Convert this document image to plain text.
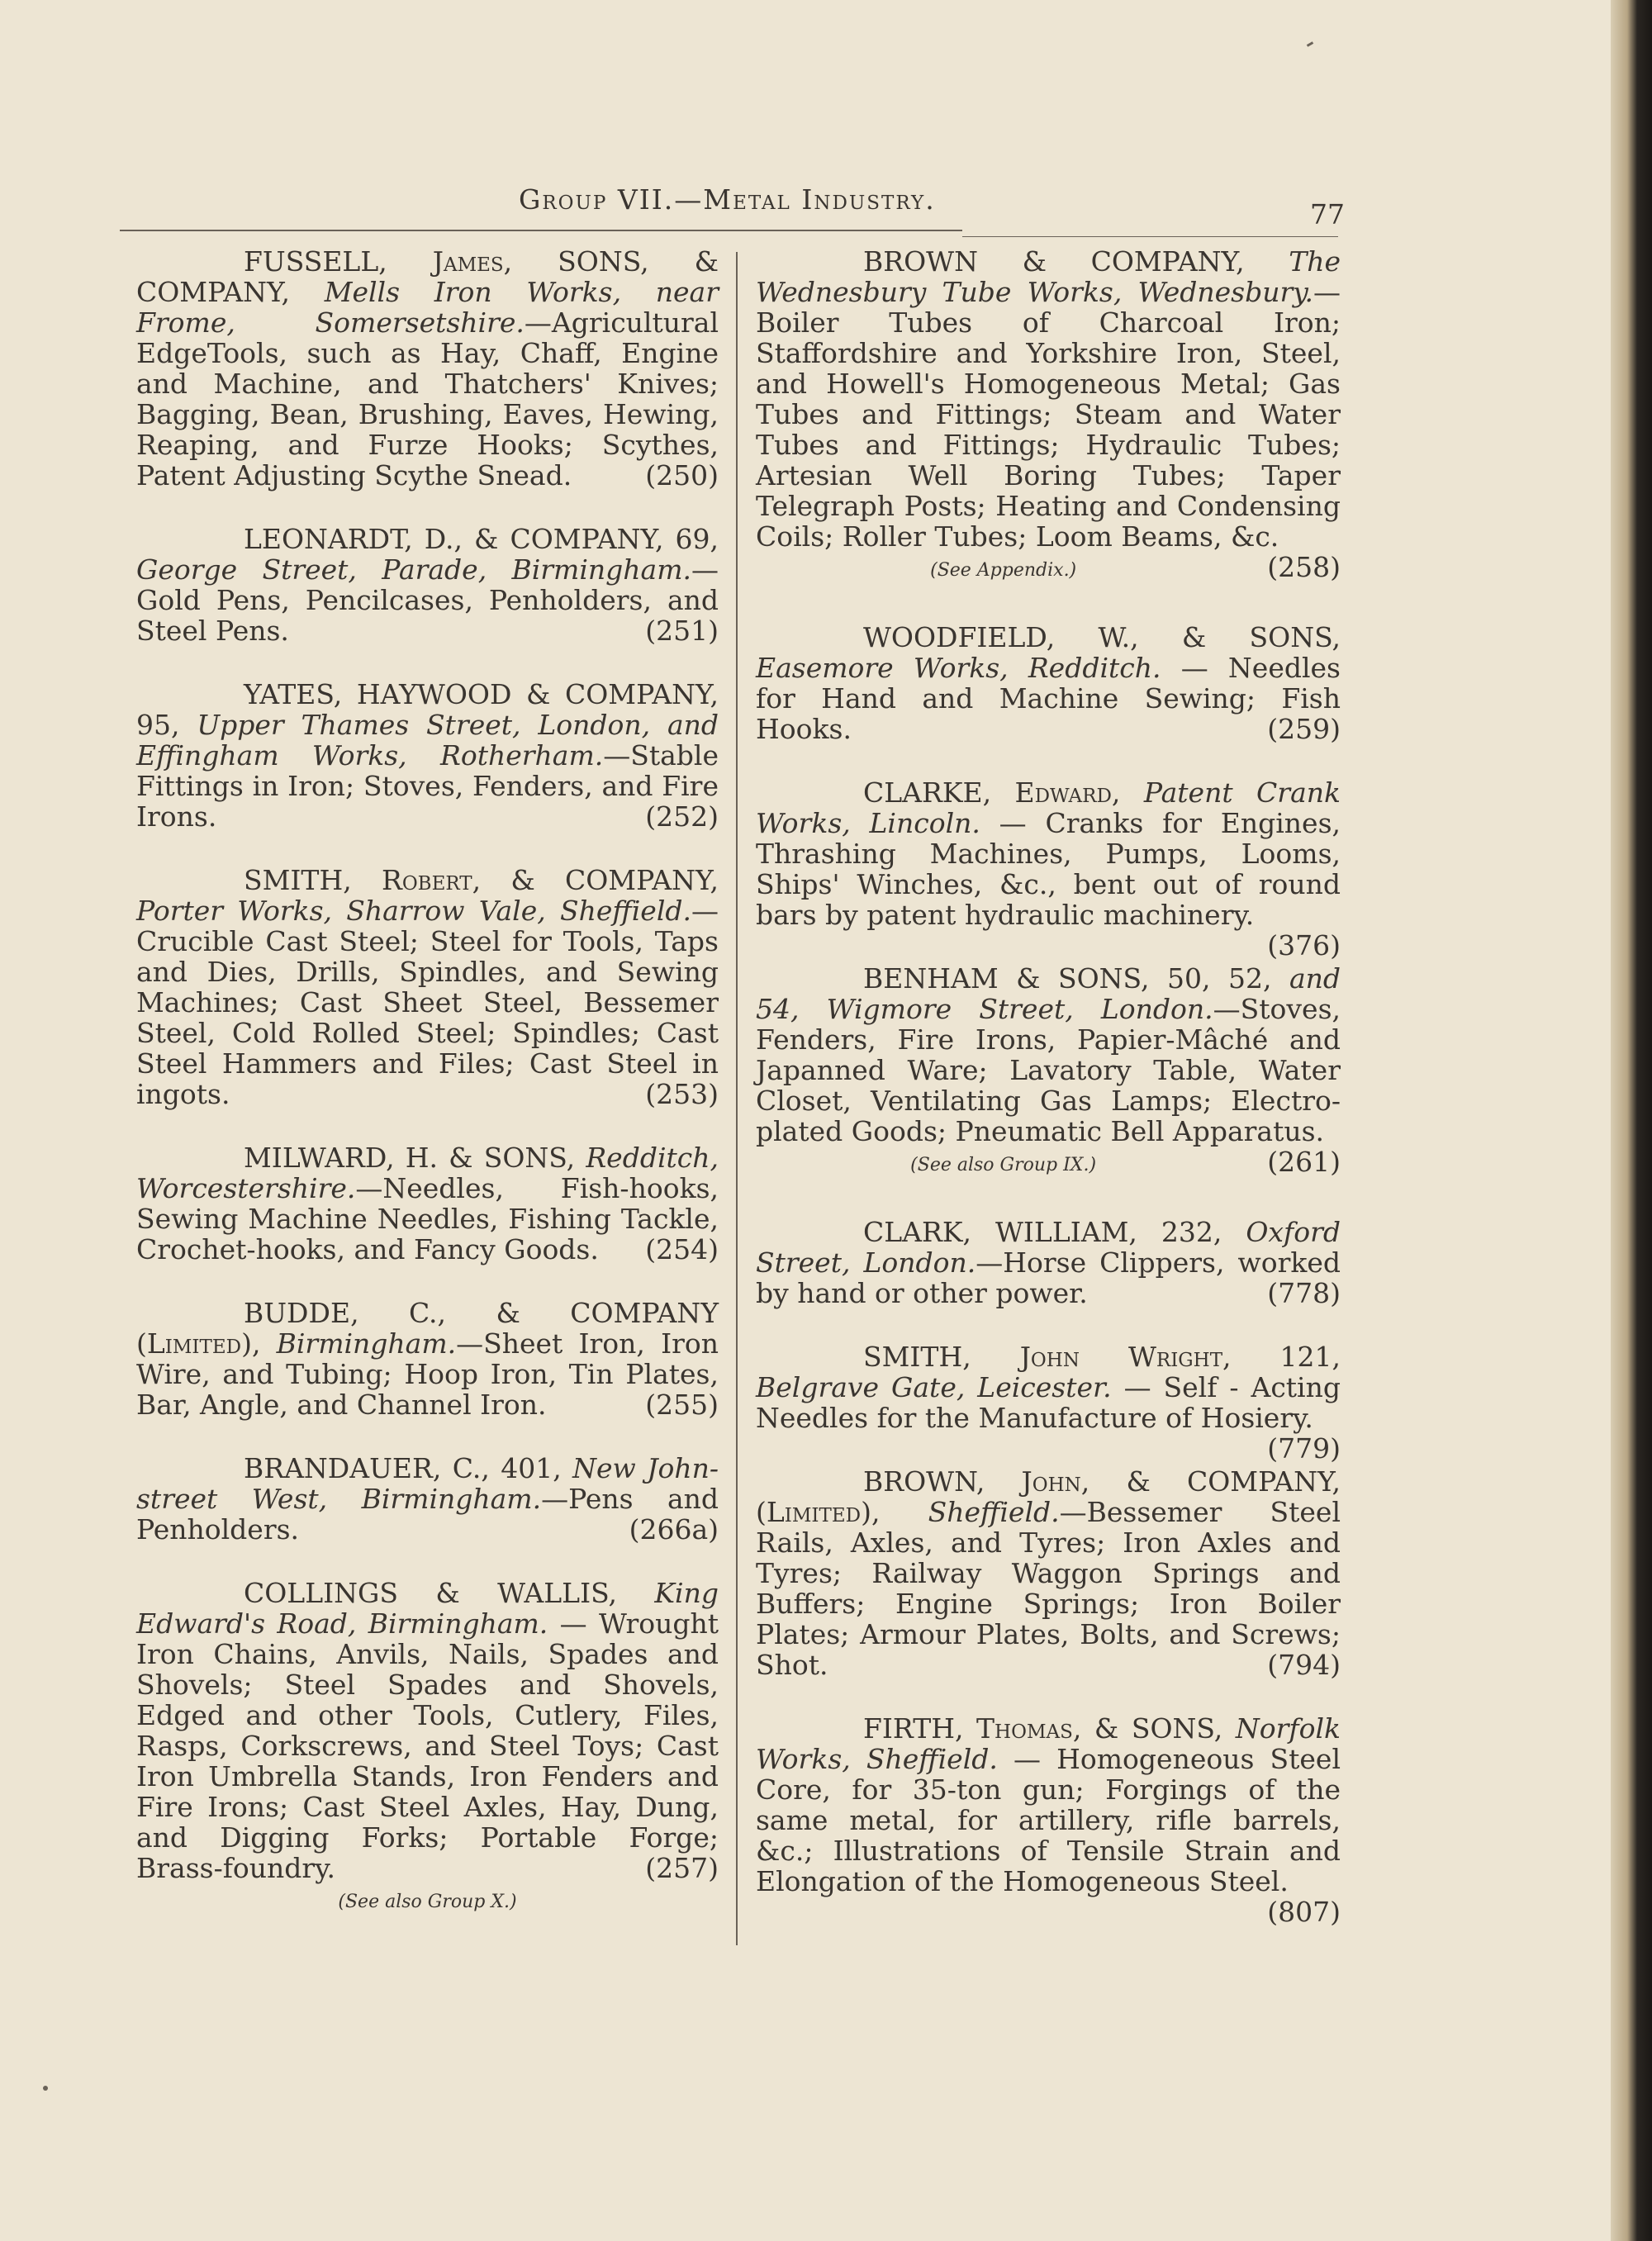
Group VII.—Metal Industry.	77

FUSSELL, James, SONS, & COMPANY, Mells Iron Works, near Frome, Somersetshire.—Agricultural EdgeTools, such as Hay, Chaff, Engine and Machine, and Thatchers' Knives; Bagging, Bean, Brushing, Eaves, Hewing, Reaping, and Furze Hooks; Scythes, Patent Adjusting Scythe Snead.	(250)

LEONARDT, D., & COMPANY, 69, George Street, Parade, Birmingham.—Gold Pens, Pencilcases, Penholders, and Steel Pens.	(251)

YATES, HAYWOOD & COMPANY, 95, Upper Thames Street, London, and Effingham Works, Rotherham.—Stable Fittings in Iron; Stoves, Fenders, and Fire Irons.	(252)

SMITH, Robert, & COMPANY, Porter Works, Sharrow Vale, Sheffield.—Crucible Cast Steel; Steel for Tools, Taps and Dies, Drills, Spindles, and Sewing Machines; Cast Sheet Steel, Bessemer Steel, Cold Rolled Steel; Spindles; Cast Steel Hammers and Files; Cast Steel in ingots.	(253)

MILWARD, H. & SONS, Redditch, Worcestershire.—Needles, Fish-hooks, Sewing Machine Needles, Fishing Tackle, Crochet-hooks, and Fancy Goods. (254)

BUDDE, C., & COMPANY (Limited), Birmingham.—Sheet Iron, Iron Wire, and Tubing; Hoop Iron, Tin Plates, Bar, Angle, and Channel Iron.	(255)

BRANDAUER, C., 401, New John-street West, Birmingham.—Pens and Penholders.	(266a)

COLLINGS & WALLIS, King Edward's Road, Birmingham. — Wrought Iron Chains, Anvils, Nails, Spades and Shovels; Steel Spades and Shovels, Edged and other Tools, Cutlery, Files, Rasps, Corkscrews, and Steel Toys; Cast Iron Umbrella Stands, Iron Fenders and Fire Irons; Cast Steel Axles, Hay, Dung, and Digging Forks; Portable Forge; Brass-foundry.	(257)

(See also Group X.)

BROWN & COMPANY, The Wednesbury Tube Works, Wednesbury.—Boiler Tubes of Charcoal Iron; Staffordshire and Yorkshire Iron, Steel, and Howell's Homogeneous Metal; Gas Tubes and Fittings; Steam and Water Tubes and Fittings; Hydraulic Tubes; Artesian Well Boring Tubes; Taper Telegraph Posts; Heating and Condensing Coils; Roller Tubes; Loom Beams, &c.
(258)

(See Appendix.)

WOODFIELD, W., & SONS, Easemore Works, Redditch. — Needles for Hand and Machine Sewing; Fish Hooks.	(259)

CLARKE, Edward, Patent Crank Works, Lincoln. — Cranks for Engines, Thrashing Machines, Pumps, Looms, Ships' Winches, &c., bent out of round bars by patent hydraulic machinery.
(376)

BENHAM & SONS, 50, 52, and 54, Wigmore Street, London.—Stoves, Fenders, Fire Irons, Papier-Mâché and Japanned Ware; Lavatory Table, Water Closet, Ventilating Gas Lamps; Electro-plated Goods; Pneumatic Bell Apparatus.
(261)

(See also Group IX.)

CLARK, WILLIAM, 232, Oxford Street, London.—Horse Clippers, worked by hand or other power.	(778)

SMITH, John Wright, 121, Belgrave Gate, Leicester. — Self - Acting Needles for the Manufacture of Hosiery.
(779)

BROWN, John, & COMPANY, (Limited), Sheffield.—Bessemer Steel Rails, Axles, and Tyres; Iron Axles and Tyres; Railway Waggon Springs and Buffers; Engine Springs; Iron Boiler Plates; Armour Plates, Bolts, and Screws; Shot.	(794)

FIRTH, Thomas, & SONS, Norfolk Works, Sheffield. — Homogeneous Steel Core, for 35-ton gun; Forgings of the same metal, for artillery, rifle barrels, &c.; Illustrations of Tensile Strain and Elongation of the Homogeneous Steel.
(807)
